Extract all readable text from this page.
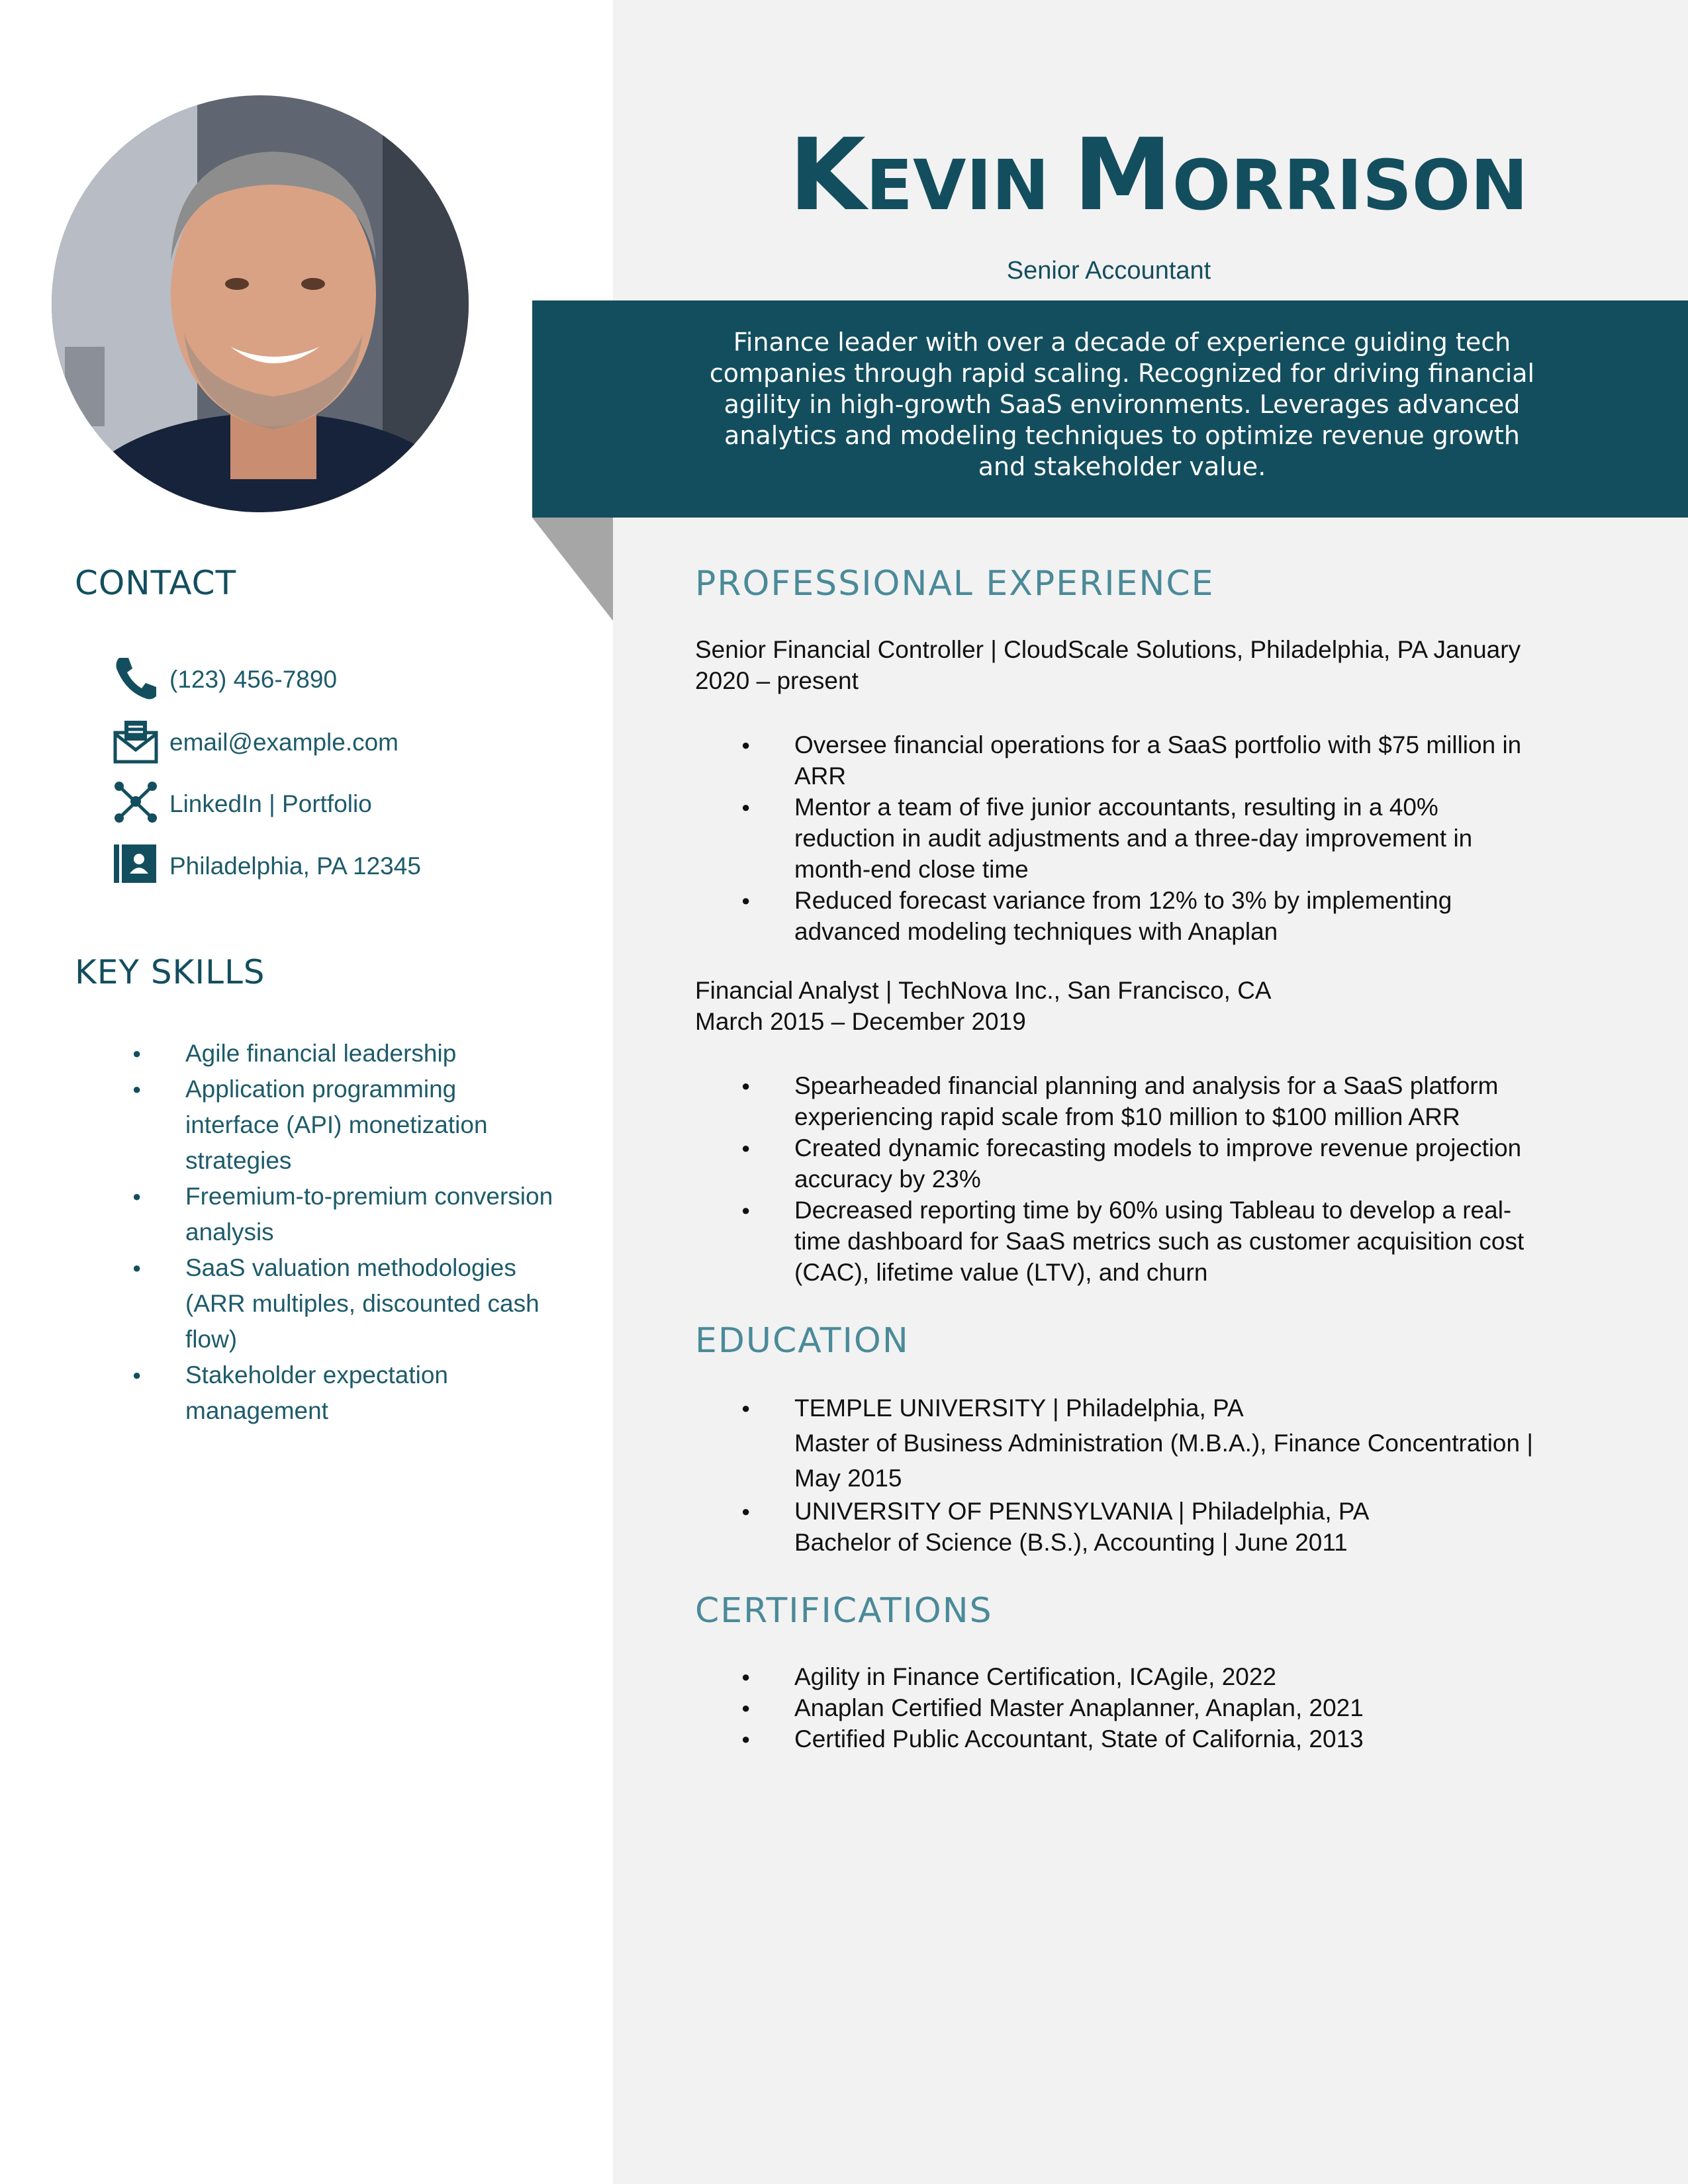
KEVIN MORRISON
Senior Accountant
Finance leader with over a decade of experience guiding tech companies through rapid scaling. Recognized for driving financial agility in high-growth SaaS environments. Leverages advanced analytics and modeling techniques to optimize revenue growth and stakeholder value.
CONTACT
(123) 456-7890
email@example.com
LinkedIn | Portfolio
Philadelphia, PA 12345
KEY SKILLS
● Agile financial leadership
● Application programming interface (API) monetization strategies
● Freemium-to-premium conversion analysis
● SaaS valuation methodologies (ARR multiples, discounted cash flow)
● Stakeholder expectation management
PROFESSIONAL EXPERIENCE
Senior Financial Controller | CloudScale Solutions, Philadelphia, PA January 2020 – present
● Oversee financial operations for a SaaS portfolio with $75 million in ARR
● Mentor a team of five junior accountants, resulting in a 40% reduction in audit adjustments and a three-day improvement in month-end close time
● Reduced forecast variance from 12% to 3% by implementing advanced modeling techniques with Anaplan
Financial Analyst | TechNova Inc., San Francisco, CA
March 2015 – December 2019
● Spearheaded financial planning and analysis for a SaaS platform experiencing rapid scale from $10 million to $100 million ARR
● Created dynamic forecasting models to improve revenue projection accuracy by 23%
● Decreased reporting time by 60% using Tableau to develop a real-time dashboard for SaaS metrics such as customer acquisition cost (CAC), lifetime value (LTV), and churn
EDUCATION
● TEMPLE UNIVERSITY | Philadelphia, PA
Master of Business Administration (M.B.A.), Finance Concentration | May 2015
● UNIVERSITY OF PENNSYLVANIA | Philadelphia, PA
Bachelor of Science (B.S.), Accounting | June 2011
CERTIFICATIONS
● Agility in Finance Certification, ICAgile, 2022
● Anaplan Certified Master Anaplanner, Anaplan, 2021
● Certified Public Accountant, State of California, 2013
